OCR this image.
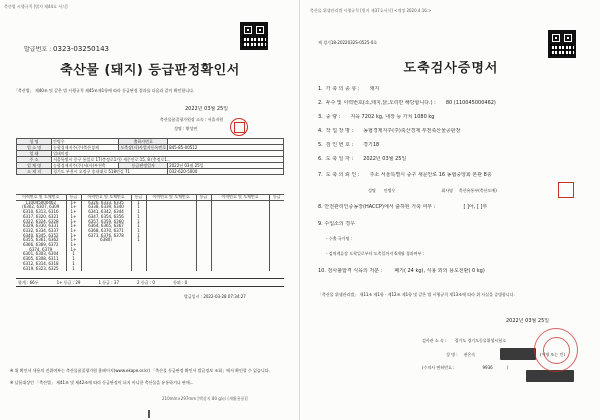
축산법 시행규칙 [별지 제44호 서식]
발급번호 : 0323-03250143
축산물 (돼지) 등급판정확인서
「축산법」 제40조 및 같은 법 시행규칙 제45조제1항에 따라 등급판정 결과를 다음과 같이 확인합니다.
2022년 03월 25일
축산물품질평가원장 소속 : 서울지원
성명 : 황성연
성 명	안병우	출하자번호	
업 소 명	농협경제지주(주)축산경제	도축장(사)사업자등록번호	845-85-00512
업 태	업태미정		
주 소	서울특별시 중구 통일로 17(충정로1가) 새문안로 15, 8 (충정로1...		
업 체 명	농협경제지주(주)서(사)부천축	등급판정일자	2022년 03월 25일
소 재 지	경기도 부천시 오정구 송내대로 518번길 71		032-620-5000
이력번호 및 도체번호	등급	이력번호 및 도체번호	등급	이력번호 및 도체번호	등급	이력번호 및 도체번호	등급
110045000462	1+	6326, 6333, 6335	1				
(6302, 6307, 6309	1+	6338, 6339, 6340	1				
6310, 6313, 6316	1+	6341, 6342, 6344	1				
6317, 6320, 6321	1+	6347, 6354, 6356	1				
6322, 6324, 6328	1+	6357, 6359, 6360	1				
6329, 6330, 6331	1+	6364, 6365, 6367	1				
6332, 6334, 6337	1+	6368, 6370, 6371	1				
6340, 6345, 6352	1+	6373, 6376, 6378	1				
6355, 6361, 6362	1+	6380)	1				
6366, 6369, 6372	1+						
6374, 6379	1+						
6301, 6303, 6304	1						
6305, 6308, 6311	1						
6312, 6314, 6318	1						
6319, 6323, 6325	1						
합계 : 66두	1+ 등급 : 29	1 등급 : 37	2 등급 : 0	등외 : 0
발급일시 : 2022-03-28 07:34:27
※ 위 확인서 내용의 진위여부는 축산물품질평가원 홈페이지(www.ekape.or.kr) 「축산물 등급판정 확인서 발급정보 조회」에서 확인할 수 있습니다.
※ 납품대상인 「축산법」 제41조 및 제42조에 따라 등급판정이 되지 아니한 축산물을 유통하거나 판매...
210mm×297mm [백상지 80 g/㎡ (재활용품)]
축산물 위생관리법 시행규칙 [별지 제37호서식] <개정 2020.4.16.>
제 경기18-2022032S-0525-0호
도축검사증명서
1. 가 축 의 종 류 : 돼지
2. 두수 및 이력번호(소,돼지,닭,오리만 해당합니다.) : 80 (110045000462)
3. 중 량 : 지육 7202 kg, 내장 등 가치 1080 kg
4. 작 업 장 명 : 농협경제지주(주)축산경제 부천축산물공판장
5. 검 인 번 호 : 경기18
6. 도 축 일 자 : 2022년 03월 25일
7. 도 축 의 뢰 인 : 주소 서울특별시 중구 새문안로 16 농협중앙회 본관 8층
성명 안병우	회사명 축산유통부(축산도매)
8. 안전관리인증농장(HACCP)에서 출하된 가축 여부 :	[ ]아, [ ]부
9. 수입소의 경우
- 수출 국가명 :
- 검역계류장 도착일로부터 도축일까지 6개월 경과여부 :
10. 검사불합격 식육의 처분 : 폐기( 24 kg), 식용 외의 용도전환( 0 kg)
「축산물 위생관리법」 제11조 제1항 · 제12조 제1항 및 같은 법 시행규칙 제13조에 따라 위 사실을 증명합니다.
2022년 03월 25일
검사관 소 속 : 경기도 경기도동물위생시험소
성 명 : 권은숙	(서명 또는 인)
(수의사 면허번호 :	9936	)
